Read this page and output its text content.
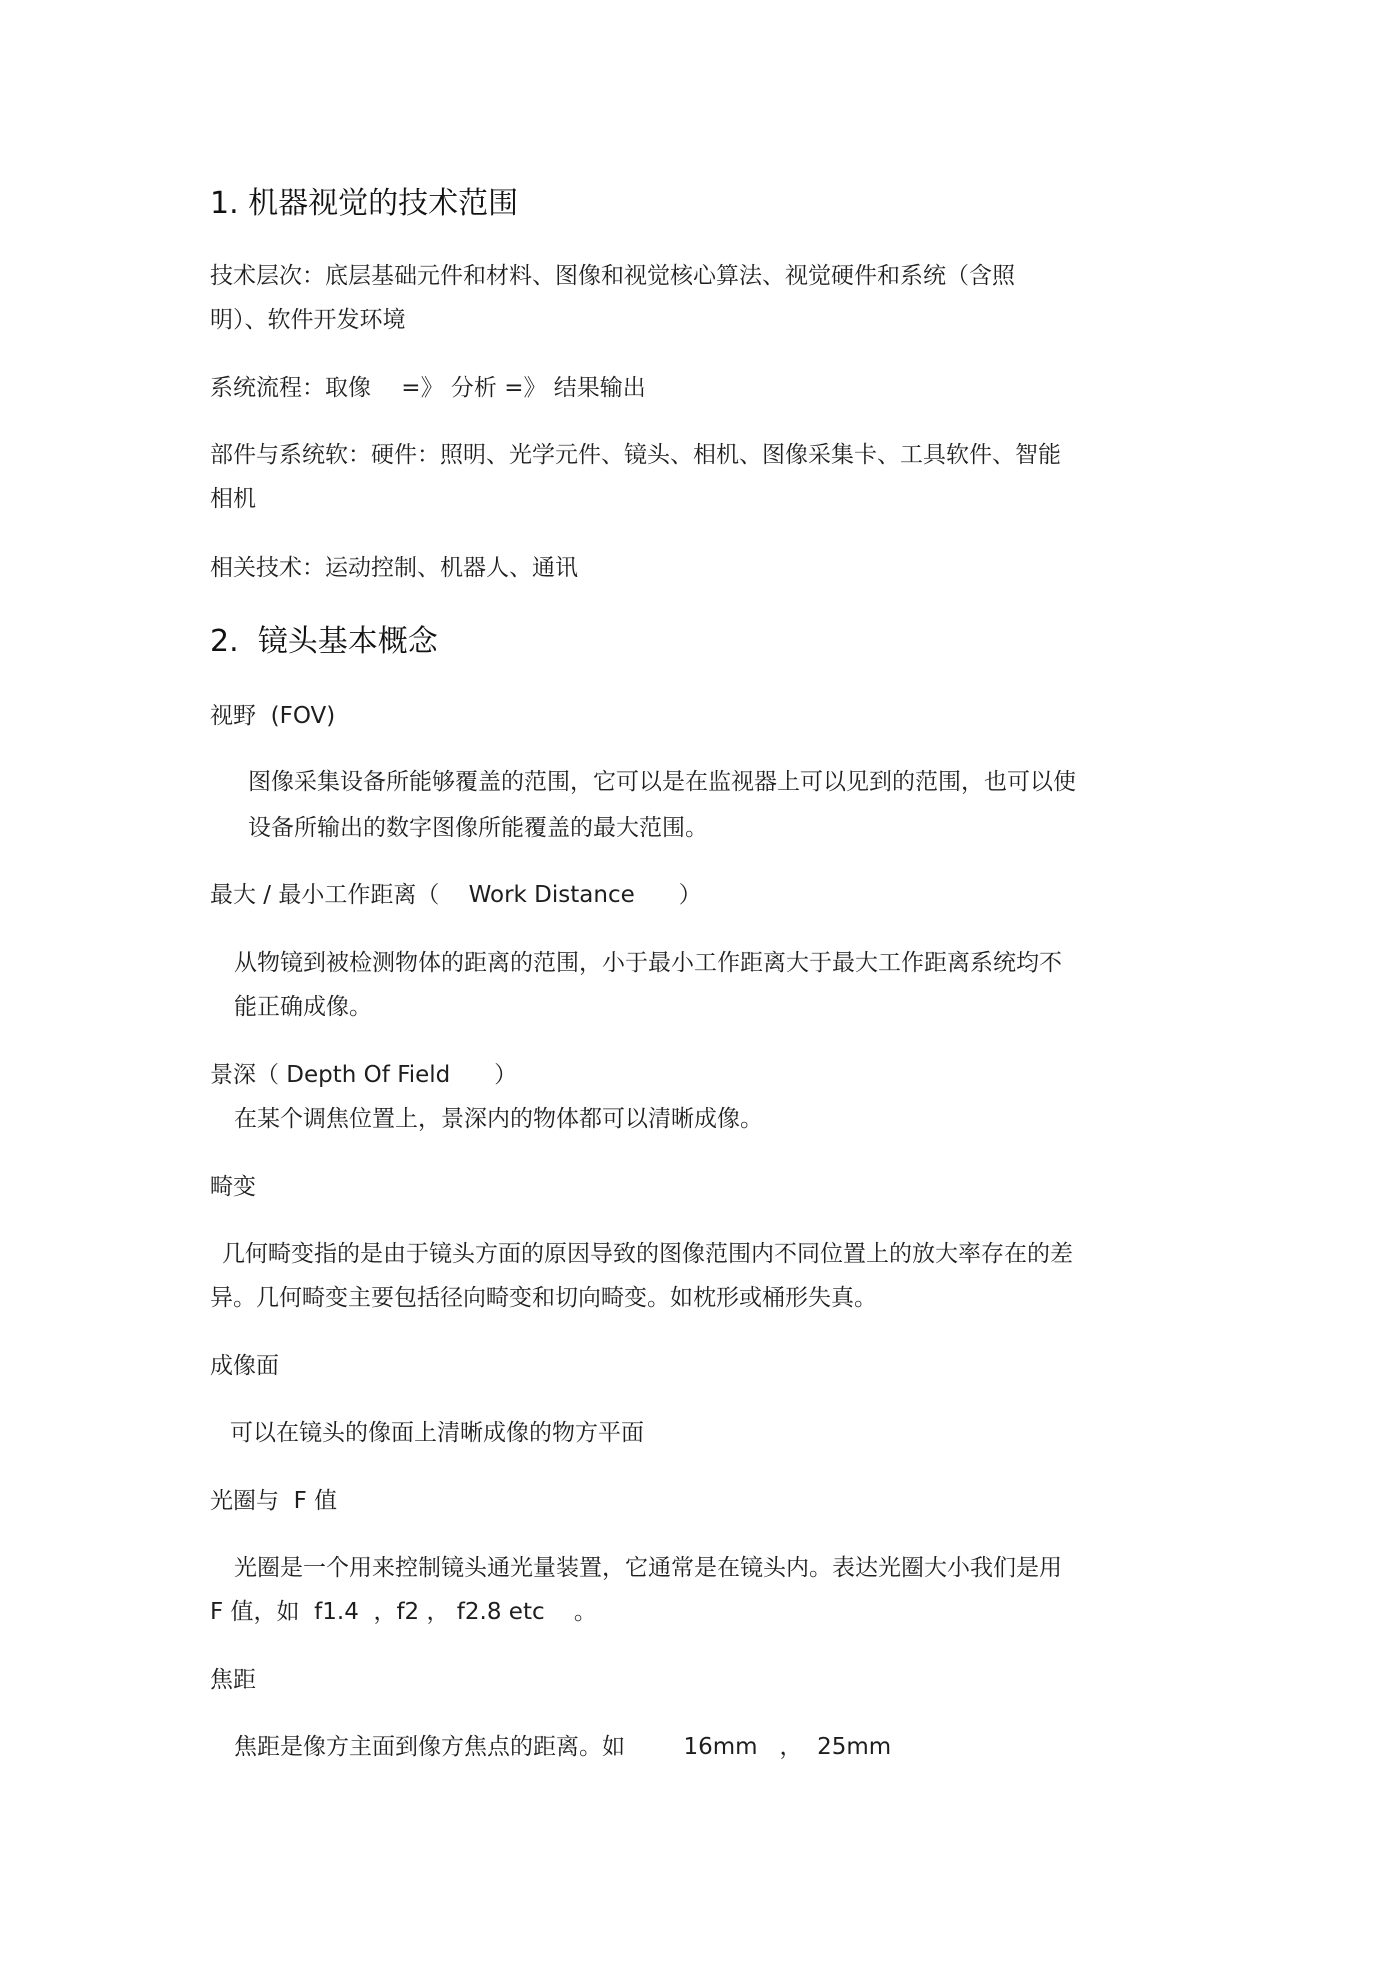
1. 机器视觉的技术范围

技术层次：底层基础元件和材料、图像和视觉核心算法、视觉硬件和系统（含照

明）、软件开发环境

系统流程：取像　 =》 分析 =》 结果输出

部件与系统软：硬件：照明、光学元件、镜头、相机、图像采集卡、工具软件、智能

相机

相关技术：运动控制、机器人、通讯

2.  镜头基本概念

视野  (FOV)

图像采集设备所能够覆盖的范围，它可以是在监视器上可以见到的范围，也可以使

设备所输出的数字图像所能覆盖的最大范围。

最大 / 最小工作距离（    Work Distance      ）

从物镜到被检测物体的距离的范围，小于最小工作距离大于最大工作距离系统均不

能正确成像。

景深（ Depth Of Field      ）

在某个调焦位置上，景深内的物体都可以清晰成像。

畸变

几何畸变指的是由于镜头方面的原因导致的图像范围内不同位置上的放大率存在的差

异。几何畸变主要包括径向畸变和切向畸变。如枕形或桶形失真。

成像面

可以在镜头的像面上清晰成像的物方平面

光圈与  F 值

光圈是一个用来控制镜头通光量装置，它通常是在镜头内。表达光圈大小我们是用

F 值，如  f1.4  ，f2 ， f2.8 etc    。

焦距

焦距是像方主面到像方焦点的距离。如        16mm   ，  25mm
